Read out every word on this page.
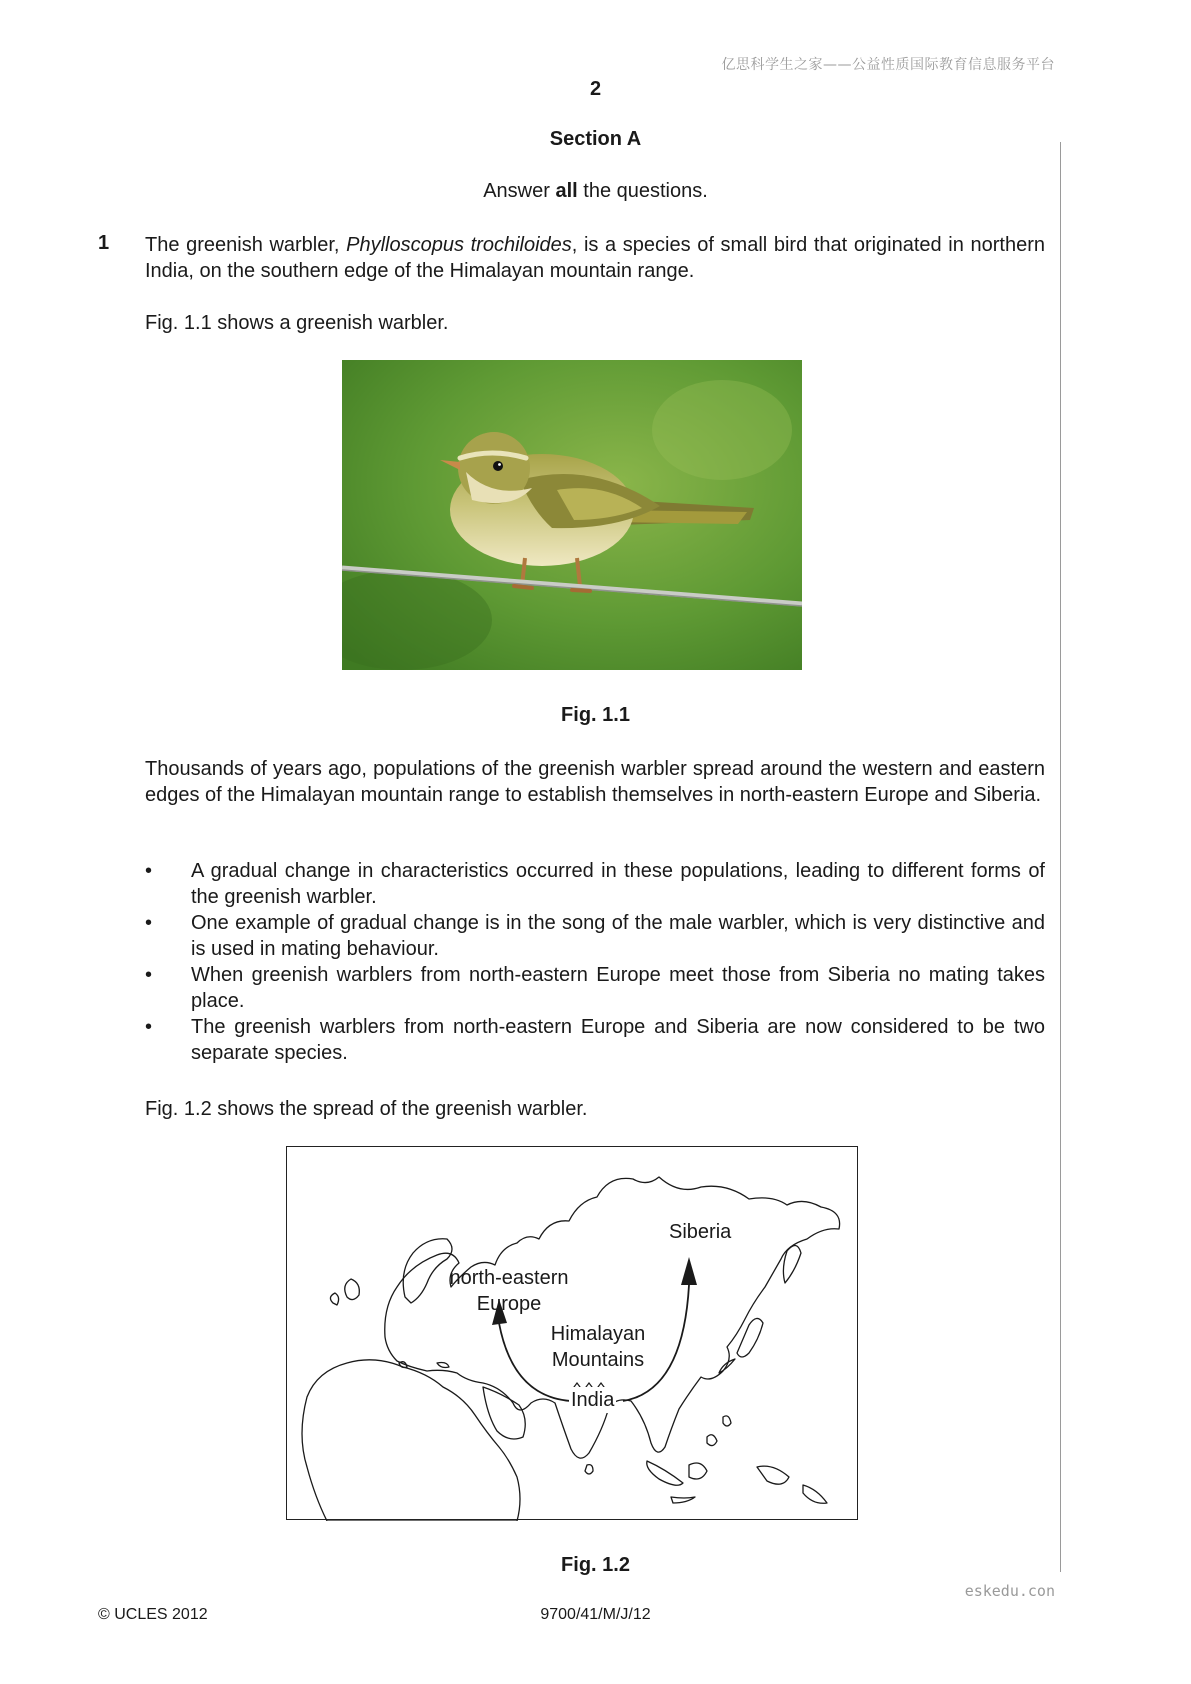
亿思科学生之家——公益性质国际教育信息服务平台
2
Section A
Answer all the questions.
1 The greenish warbler, Phylloscopus trochiloides, is a species of small bird that originated in northern India, on the southern edge of the Himalayan mountain range.
Fig. 1.1 shows a greenish warbler.
Fig. 1.1
Thousands of years ago, populations of the greenish warbler spread around the western and eastern edges of the Himalayan mountain range to establish themselves in north-eastern Europe and Siberia.
• A gradual change in characteristics occurred in these populations, leading to different forms of the greenish warbler.
• One example of gradual change is in the song of the male warbler, which is very distinctive and is used in mating behaviour.
• When greenish warblers from north-eastern Europe meet those from Siberia no mating takes place.
• The greenish warblers from north-eastern Europe and Siberia are now considered to be two separate species.
Fig. 1.2 shows the spread of the greenish warbler.
Siberia
north-eastern
Europe
Himalayan
Mountains
India
Fig. 1.2
eskedu.con
© UCLES 2012	9700/41/M/J/12
